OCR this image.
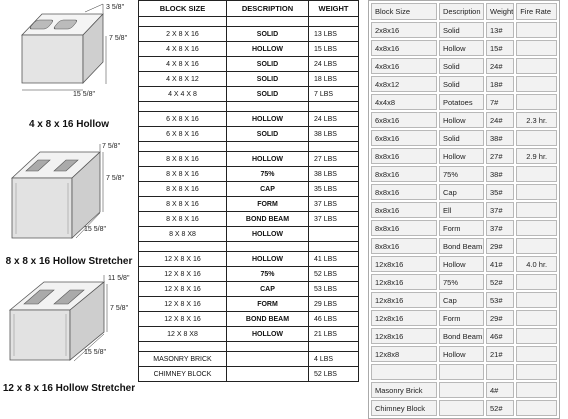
3 5/8"
7 5/8"
15 5/8"
4 x 8 x 16 Hollow
7 5/8"
7 5/8"
15 5/8"
8 x 8 x 16 Hollow Stretcher
11 5/8"
7 5/8"
15 5/8"
12 x 8 x 16 Hollow Stretcher
BLOCK SIZE	DESCRIPTION	WEIGHT

2 X 8 X 16	SOLID	13 LBS
4 X 8 X 16	HOLLOW	15 LBS
4 X 8 X 16	SOLID	24 LBS
4 X 8 X 12	SOLID	18 LBS
4 X 4 X 8	SOLID	7 LBS

6 X 8 X 16	HOLLOW	24 LBS
6 X 8 X 16	SOLID	38 LBS

8 X 8 X 16	HOLLOW	27 LBS
8 X 8 X 16	75%	38 LBS
8 X 8 X 16	CAP	35 LBS
8 X 8 X 16	FORM	37 LBS
8 X 8 X 16	BOND BEAM	37 LBS
8 X 8 X8	HOLLOW	

12 X 8 X 16	HOLLOW	41 LBS
12 X 8 X 16	75%	52 LBS
12 X 8 X 16	CAP	53 LBS
12 X 8 X 16	FORM	29 LBS
12 X 8 X 16	BOND BEAM	46 LBS
12 X 8 X8	HOLLOW	21 LBS

MASONRY BRICK		4 LBS
CHIMNEY BLOCK		52 LBS
Block Size	Description	Weight	Fire Rate
2x8x16	Solid	13#	
4x8x16	Hollow	15#	
4x8x16	Solid	24#	
4x8x12	Solid	18#	
4x4x8	Potatoes	7#	
6x8x16	Hollow	24#	2.3 hr.
6x8x16	Solid	38#	
8x8x16	Hollow	27#	2.9 hr.
8x8x16	75%	38#	
8x8x16	Cap	35#	
8x8x16	Ell	37#	
8x8x16	Form	37#	
8x8x16	Bond Beam	29#	
12x8x16	Hollow	41#	4.0 hr.
12x8x16	75%	52#	
12x8x16	Cap	53#	
12x8x16	Form	29#	
12x8x16	Bond Beam	46#	
12x8x8	Hollow	21#	

Masonry Brick		4#	
Chimney Block		52#	
